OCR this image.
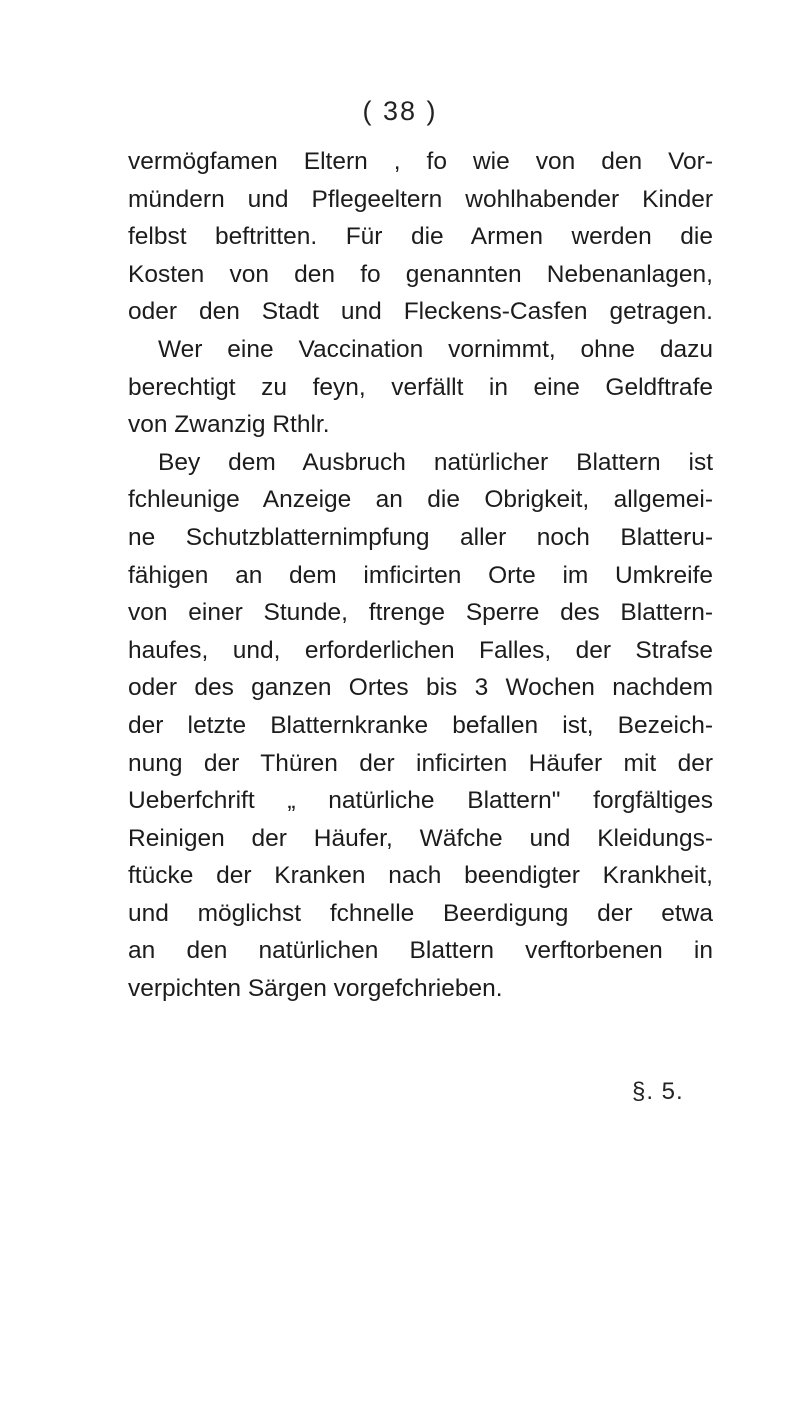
( 38 )
vermögfamen Eltern , fo wie von den Vor-
mündern und Pflegeeltern wohlhabender Kinder
felbst beftritten. Für die Armen werden die
Kosten von den fo genannten Nebenanlagen,
oder den Stadt und Fleckens-Casfen getragen.
Wer eine Vaccination vornimmt, ohne dazu
berechtigt zu feyn, verfällt in eine Geldftrafe
von Zwanzig Rthlr.
Bey dem Ausbruch natürlicher Blattern ist
fchleunige Anzeige an die Obrigkeit, allgemei-
ne Schutzblatternimpfung aller noch Blatteru-
fähigen an dem imficirten Orte im Umkreife
von einer Stunde, ftrenge Sperre des Blattern-
haufes, und, erforderlichen Falles, der Strafse
oder des ganzen Ortes bis 3 Wochen nachdem
der letzte Blatternkranke befallen ist, Bezeich-
nung der Thüren der inficirten Häufer mit der
Ueberfchrift „ natürliche Blattern" forgfältiges
Reinigen der Häufer, Wäfche und Kleidungs-
ftücke der Kranken nach beendigter Krankheit,
und möglichst fchnelle Beerdigung der etwa
an den natürlichen Blattern verftorbenen in
verpichten Särgen vorgefchrieben.
§. 5.
